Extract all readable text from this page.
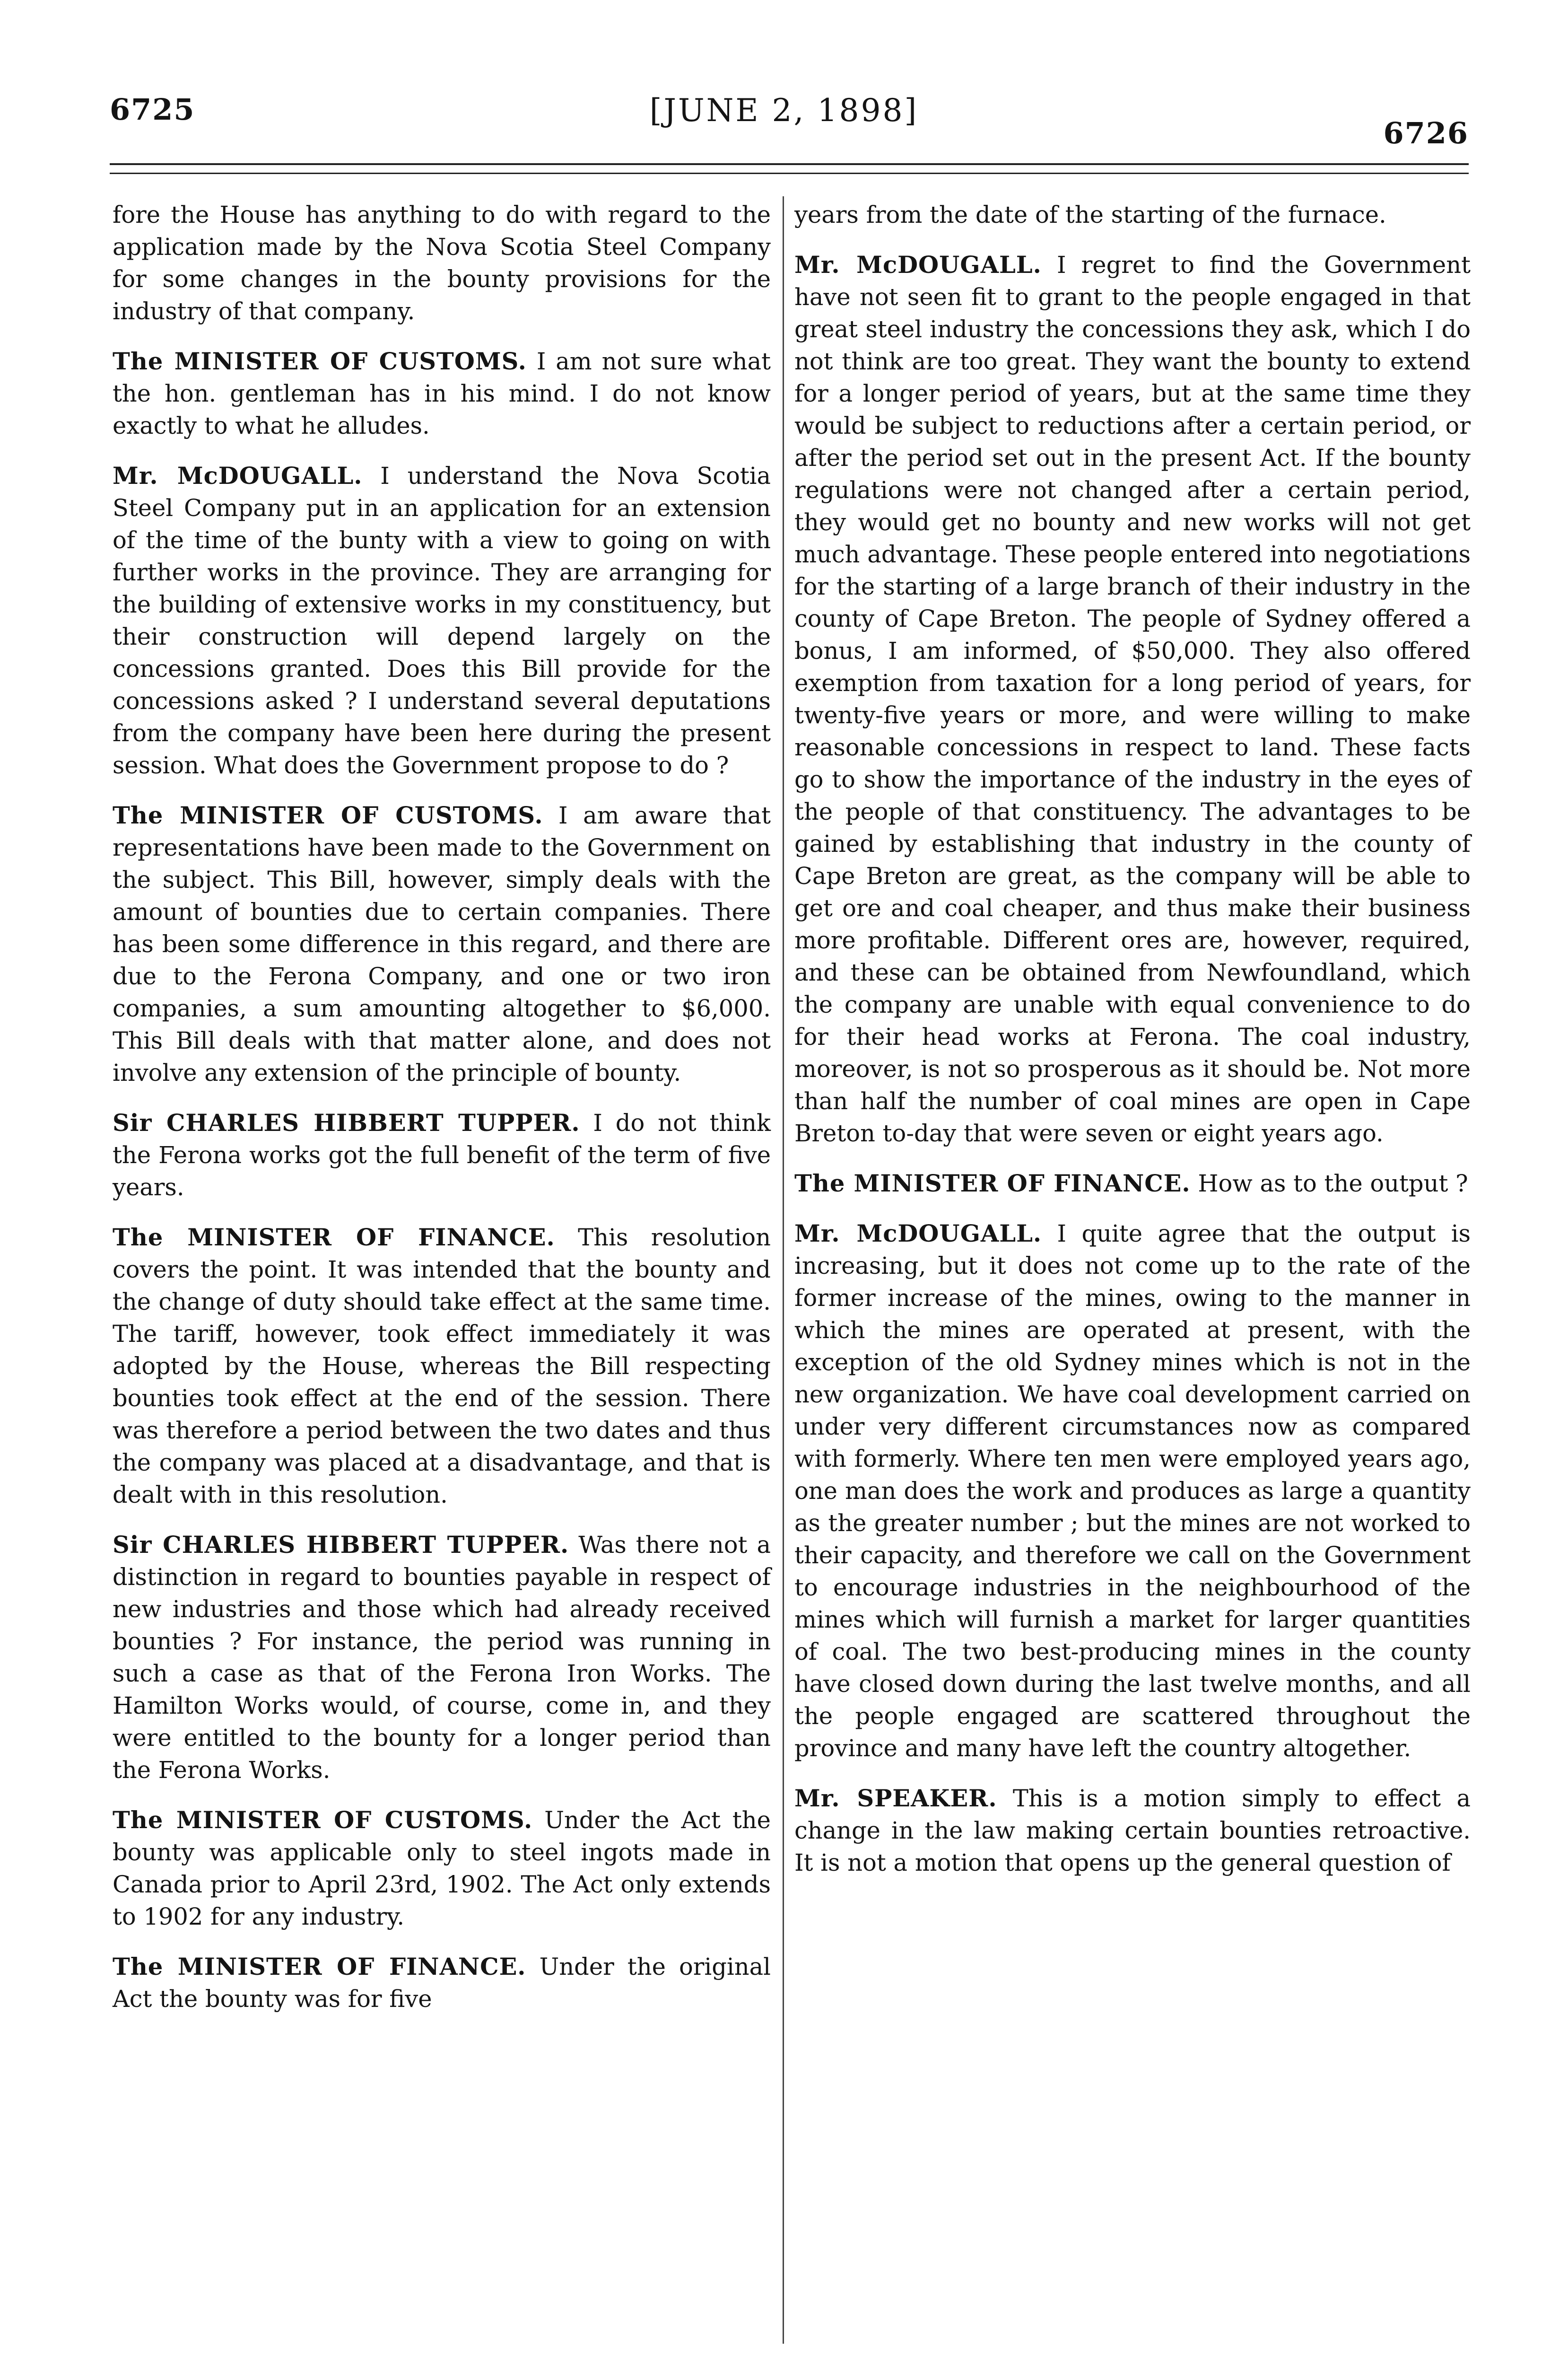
6725	[JUNE 2, 1898]
6726

fore the House has anything to do with regard to the application made by the Nova Scotia Steel Company for some changes in the bounty provisions for the industry of that company.

The MINISTER OF CUSTOMS. I am not sure what the hon. gentleman has in his mind. I do not know exactly to what he alludes.

Mr. McDOUGALL. I understand the Nova Scotia Steel Company put in an application for an extension of the time of the bunty with a view to going on with further works in the province. They are arranging for the building of extensive works in my constituency, but their construction will depend largely on the concessions granted. Does this Bill provide for the concessions asked ? I understand several deputations from the company have been here during the present session. What does the Government propose to do ?

The MINISTER OF CUSTOMS. I am aware that representations have been made to the Government on the subject. This Bill, however, simply deals with the amount of bounties due to certain companies. There has been some difference in this regard, and there are due to the Ferona Company, and one or two iron companies, a sum amounting altogether to $6,000. This Bill deals with that matter alone, and does not involve any extension of the principle of bounty.

Sir CHARLES HIBBERT TUPPER. I do not think the Ferona works got the full benefit of the term of five years.

The MINISTER OF FINANCE. This resolution covers the point. It was intended that the bounty and the change of duty should take effect at the same time. The tariff, however, took effect immediately it was adopted by the House, whereas the Bill respecting bounties took effect at the end of the session. There was therefore a period between the two dates and thus the company was placed at a disadvantage, and that is dealt with in this resolution.

Sir CHARLES HIBBERT TUPPER. Was there not a distinction in regard to bounties payable in respect of new industries and those which had already received bounties ? For instance, the period was running in such a case as that of the Ferona Iron Works. The Hamilton Works would, of course, come in, and they were entitled to the bounty for a longer period than the Ferona Works.

The MINISTER OF CUSTOMS. Under the Act the bounty was applicable only to steel ingots made in Canada prior to April 23rd, 1902. The Act only extends to 1902 for any industry.

The MINISTER OF FINANCE. Under the original Act the bounty was for five

years from the date of the starting of the furnace.

Mr. McDOUGALL. I regret to find the Government have not seen fit to grant to the people engaged in that great steel industry the concessions they ask, which I do not think are too great. They want the bounty to extend for a longer period of years, but at the same time they would be subject to reductions after a certain period, or after the period set out in the present Act. If the bounty regulations were not changed after a certain period, they would get no bounty and new works will not get much advantage. These people entered into negotiations for the starting of a large branch of their industry in the county of Cape Breton. The people of Sydney offered a bonus, I am informed, of $50,000. They also offered exemption from taxation for a long period of years, for twenty-five years or more, and were willing to make reasonable concessions in respect to land. These facts go to show the importance of the industry in the eyes of the people of that constituency. The advantages to be gained by establishing that industry in the county of Cape Breton are great, as the company will be able to get ore and coal cheaper, and thus make their business more profitable. Different ores are, however, required, and these can be obtained from Newfoundland, which the company are unable with equal convenience to do for their head works at Ferona. The coal industry, moreover, is not so prosperous as it should be. Not more than half the number of coal mines are open in Cape Breton to-day that were seven or eight years ago.

The MINISTER OF FINANCE. How as to the output ?

Mr. McDOUGALL. I quite agree that the output is increasing, but it does not come up to the rate of the former increase of the mines, owing to the manner in which the mines are operated at present, with the exception of the old Sydney mines which is not in the new organization. We have coal development carried on under very different circumstances now as compared with formerly. Where ten men were employed years ago, one man does the work and produces as large a quantity as the greater number ; but the mines are not worked to their capacity, and therefore we call on the Government to encourage industries in the neighbourhood of the mines which will furnish a market for larger quantities of coal. The two best-producing mines in the county have closed down during the last twelve months, and all the people engaged are scattered throughout the province and many have left the country altogether.

Mr. SPEAKER. This is a motion simply to effect a change in the law making certain bounties retroactive. It is not a motion that opens up the general question of
